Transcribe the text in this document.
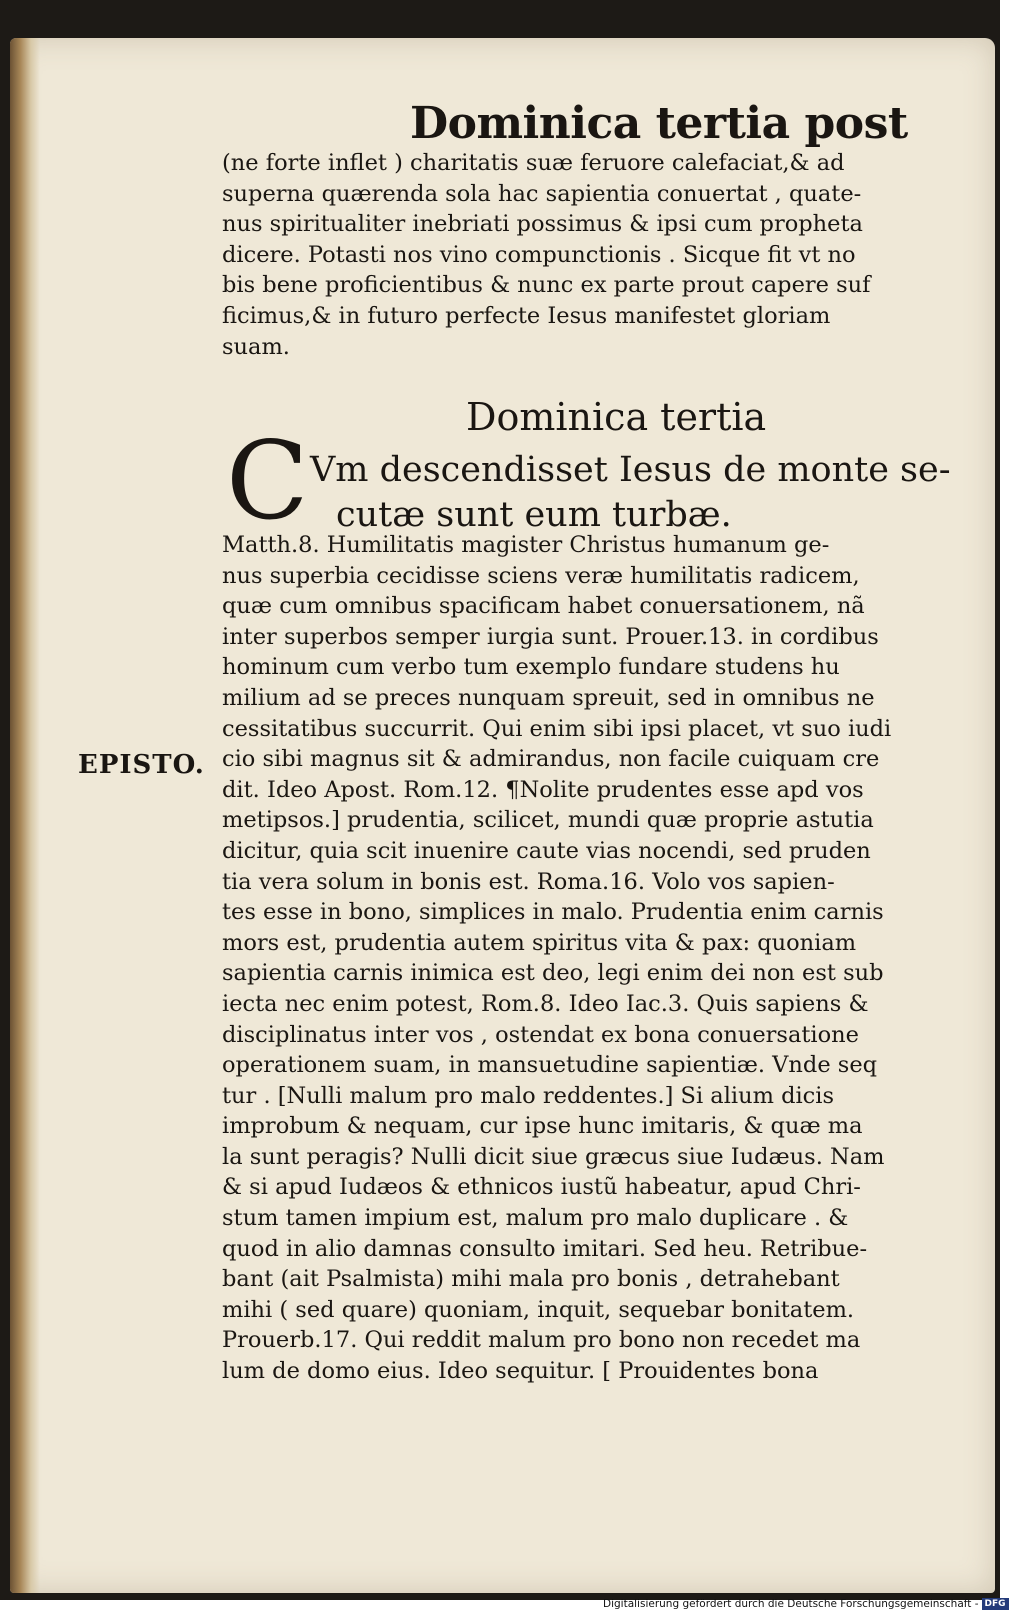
Dominica tertia post
(ne forte inflet ) charitatis suæ feruore calefaciat,& ad
superna quærenda sola hac sapientia conuertat , quate-
nus spiritualiter inebriati possimus & ipsi cum propheta
dicere. Potasti nos vino compunctionis . Sicque fit vt no
bis bene proficientibus & nunc ex parte prout capere suf
ficimus,& in futuro perfecte Iesus manifestet gloriam
suam.
Dominica tertia
C Vm descendisset Iesus de monte se-
cutæ sunt eum turbæ.
EPISTO.
Matth.8. Humilitatis magister Christus humanum ge-
nus superbia cecidisse sciens veræ humilitatis radicem,
quæ cum omnibus spacificam habet conuersationem, nã
inter superbos semper iurgia sunt. Prouer.13. in cordibus
hominum cum verbo tum exemplo fundare studens hu
milium ad se preces nunquam spreuit, sed in omnibus ne
cessitatibus succurrit. Qui enim sibi ipsi placet, vt suo iudi
cio sibi magnus sit & admirandus, non facile cuiquam cre
dit. Ideo Apost. Rom.12. ¶Nolite prudentes esse apd vos
metipsos.] prudentia, scilicet, mundi quæ proprie astutia
dicitur, quia scit inuenire caute vias nocendi, sed pruden
tia vera solum in bonis est. Roma.16. Volo vos sapien-
tes esse in bono, simplices in malo. Prudentia enim carnis
mors est, prudentia autem spiritus vita & pax: quoniam
sapientia carnis inimica est deo, legi enim dei non est sub
iecta nec enim potest, Rom.8. Ideo Iac.3. Quis sapiens &
disciplinatus inter vos , ostendat ex bona conuersatione
operationem suam, in mansuetudine sapientiæ. Vnde seq
tur . [Nulli malum pro malo reddentes.] Si alium dicis
improbum & nequam, cur ipse hunc imitaris, & quæ ma
la sunt peragis? Nulli dicit siue græcus siue Iudæus. Nam
& si apud Iudæos & ethnicos iustũ habeatur, apud Chri-
stum tamen impium est, malum pro malo duplicare . &
quod in alio damnas consulto imitari. Sed heu. Retribue-
bant (ait Psalmista) mihi mala pro bonis , detrahebant
mihi ( sed quare) quoniam, inquit, sequebar bonitatem.
Prouerb.17. Qui reddit malum pro bono non recedet ma
lum de domo eius. Ideo sequitur. [ Prouidentes bona
Digitalisierung gefördert durch die Deutsche Forschungsgemeinschaft - DFG
